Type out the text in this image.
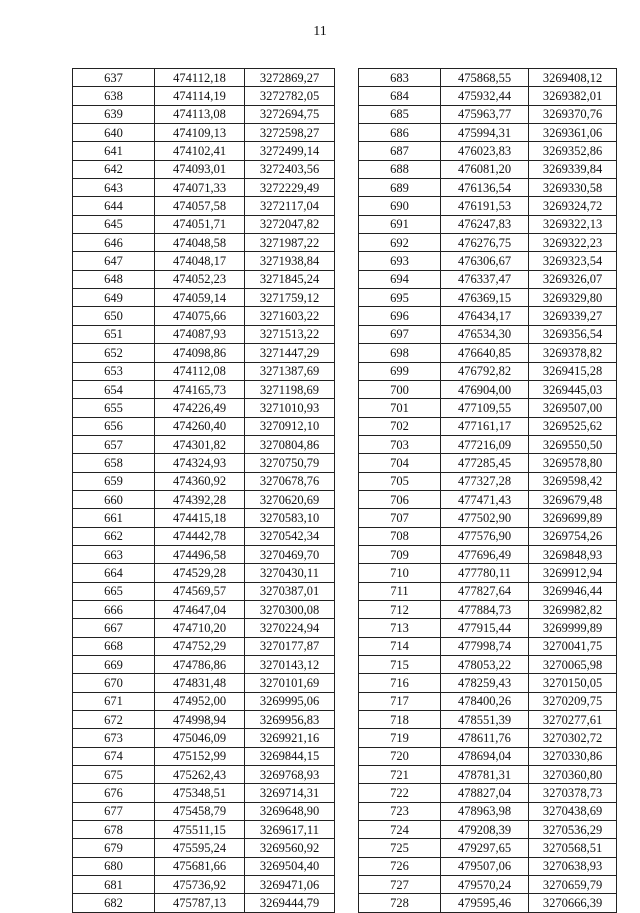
11
637	474112,18	3272869,27
638	474114,19	3272782,05
639	474113,08	3272694,75
640	474109,13	3272598,27
641	474102,41	3272499,14
642	474093,01	3272403,56
643	474071,33	3272229,49
644	474057,58	3272117,04
645	474051,71	3272047,82
646	474048,58	3271987,22
647	474048,17	3271938,84
648	474052,23	3271845,24
649	474059,14	3271759,12
650	474075,66	3271603,22
651	474087,93	3271513,22
652	474098,86	3271447,29
653	474112,08	3271387,69
654	474165,73	3271198,69
655	474226,49	3271010,93
656	474260,40	3270912,10
657	474301,82	3270804,86
658	474324,93	3270750,79
659	474360,92	3270678,76
660	474392,28	3270620,69
661	474415,18	3270583,10
662	474442,78	3270542,34
663	474496,58	3270469,70
664	474529,28	3270430,11
665	474569,57	3270387,01
666	474647,04	3270300,08
667	474710,20	3270224,94
668	474752,29	3270177,87
669	474786,86	3270143,12
670	474831,48	3270101,69
671	474952,00	3269995,06
672	474998,94	3269956,83
673	475046,09	3269921,16
674	475152,99	3269844,15
675	475262,43	3269768,93
676	475348,51	3269714,31
677	475458,79	3269648,90
678	475511,15	3269617,11
679	475595,24	3269560,92
680	475681,66	3269504,40
681	475736,92	3269471,06
682	475787,13	3269444,79
683	475868,55	3269408,12
684	475932,44	3269382,01
685	475963,77	3269370,76
686	475994,31	3269361,06
687	476023,83	3269352,86
688	476081,20	3269339,84
689	476136,54	3269330,58
690	476191,53	3269324,72
691	476247,83	3269322,13
692	476276,75	3269322,23
693	476306,67	3269323,54
694	476337,47	3269326,07
695	476369,15	3269329,80
696	476434,17	3269339,27
697	476534,30	3269356,54
698	476640,85	3269378,82
699	476792,82	3269415,28
700	476904,00	3269445,03
701	477109,55	3269507,00
702	477161,17	3269525,62
703	477216,09	3269550,50
704	477285,45	3269578,80
705	477327,28	3269598,42
706	477471,43	3269679,48
707	477502,90	3269699,89
708	477576,90	3269754,26
709	477696,49	3269848,93
710	477780,11	3269912,94
711	477827,64	3269946,44
712	477884,73	3269982,82
713	477915,44	3269999,89
714	477998,74	3270041,75
715	478053,22	3270065,98
716	478259,43	3270150,05
717	478400,26	3270209,75
718	478551,39	3270277,61
719	478611,76	3270302,72
720	478694,04	3270330,86
721	478781,31	3270360,80
722	478827,04	3270378,73
723	478963,98	3270438,69
724	479208,39	3270536,29
725	479297,65	3270568,51
726	479507,06	3270638,93
727	479570,24	3270659,79
728	479595,46	3270666,39
